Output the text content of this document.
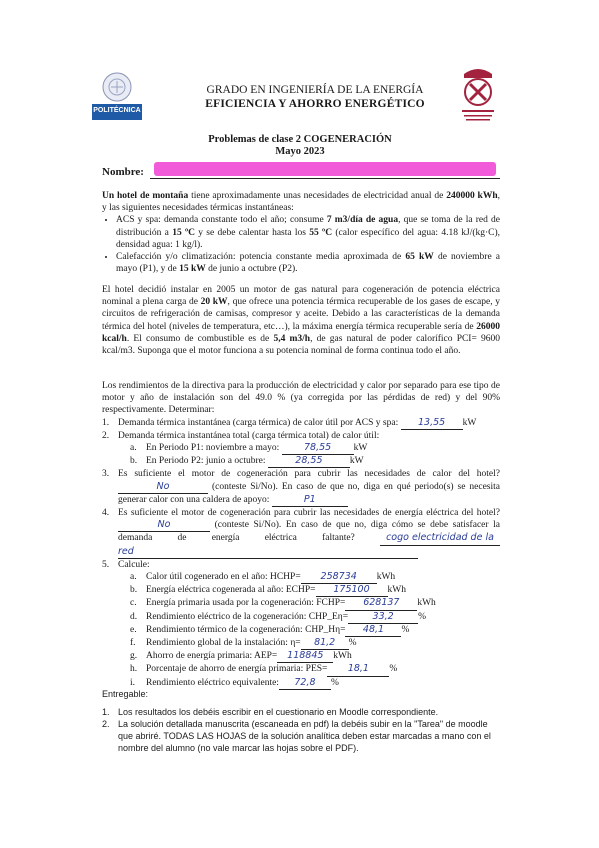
POLITÉCNICA
GRADO EN INGENIERÍA DE LA ENERGÍA
EFICIENCIA Y AHORRO ENERGÉTICO
Problemas de clase 2 COGENERACIÓN
Mayo 2023
Nombre:
Un hotel de montaña tiene aproximadamente unas necesidades de electricidad anual de 240000 kWh, y las siguientes necesidades térmicas instantáneas:
• ACS y spa: demanda constante todo el año; consume 7 m3/día de agua, que se toma de la red de distribución a 15 ºC y se debe calentar hasta los 55 ºC (calor específico del agua: 4.18 kJ/(kg·C), densidad agua: 1 kg/l).
• Calefacción y/o climatización: potencia constante media aproximada de 65 kW de noviembre a mayo (P1), y de 15 kW de junio a octubre (P2).
El hotel decidió instalar en 2005 un motor de gas natural para cogeneración de potencia eléctrica nominal a plena carga de 20 kW, que ofrece una potencia térmica recuperable de los gases de escape, y circuitos de refrigeración de camisas, compresor y aceite. Debido a las características de la demanda térmica del hotel (niveles de temperatura, etc…), la máxima energía térmica recuperable sería de 26000 kcal/h. El consumo de combustible es de 5,4 m3/h, de gas natural de poder calorífico PCI= 9600 kcal/m3. Suponga que el motor funciona a su potencia nominal de forma continua todo el año.
Los rendimientos de la directiva para la producción de electricidad y calor por separado para ese tipo de motor y año de instalación son del 49.0 % (ya corregida por las pérdidas de red) y del 90% respectivamente. Determinar:
1. Demanda térmica instantánea (carga térmica) de calor útil por ACS y spa: 13,55 kW
2. Demanda térmica instantánea total (carga térmica total) de calor útil:
a. En Periodo P1: noviembre a mayo:	78,55 kW
b. En Periodo P2: junio a octubre:	28,55	kW
3. Es suficiente el motor de cogeneración para cubrir las necesidades de calor del hotel? No	(conteste Si/No). En caso de que no, diga en qué periodo(s) se necesita generar calor con una caldera de apoyo:	P1
4. Es suficiente el motor de cogeneración para cubrir las necesidades de energía eléctrica del hotel? No	(conteste Si/No). En caso de que no, diga cómo se debe satisfacer la demanda de energía eléctrica faltante?	cogo electricidad de la red
5. Calcule:
a. Calor útil cogenerado en el año: HCHP= 258734 kWh
b. Energía eléctrica cogenerada al año: ECHP= 175100 kWh
c. Energía primaria usada por la cogeneración: FCHP= 628137 kWh
d. Rendimiento eléctrico de la cogeneración: CHP_Eη=	33,2	%
e. Rendimiento térmico de la cogeneración: CHP_Hη= 48,1 %
f. Rendimiento global de la instalación: η= 81,2 %
g. Ahorro de energía primaria: AEP= 118845 kWh
h. Porcentaje de ahorro de energía primaria: PES= 18,1 %
i. Rendimiento eléctrico equivalente: 72,8 %
Entregable:
1. Los resultados los debéis escribir en el cuestionario en Moodle correspondiente.
2. La solución detallada manuscrita (escaneada en pdf) la debéis subir en la "Tarea" de moodle que abriré. TODAS LAS HOJAS de la solución analítica deben estar marcadas a mano con el nombre del alumno (no vale marcar las hojas sobre el PDF).
